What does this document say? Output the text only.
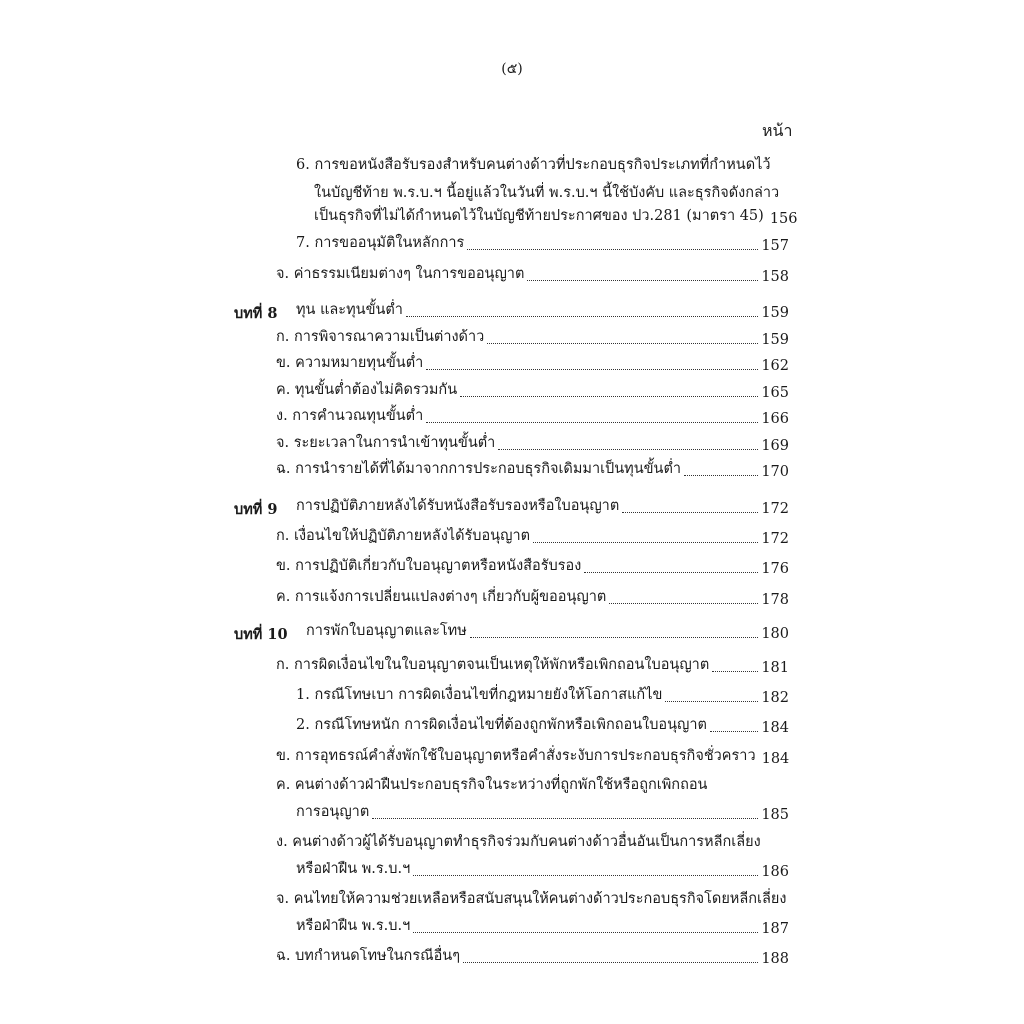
(๕)
หน้า
6. การขอหนังสือรับรองสำหรับคนต่างด้าวที่ประกอบธุรกิจประเภทที่กำหนดไว้
ในบัญชีท้าย พ.ร.บ.ฯ นี้อยู่แล้วในวันที่ พ.ร.บ.ฯ นี้ใช้บังคับ และธุรกิจดังกล่าว
เป็นธุรกิจที่ไม่ได้กำหนดไว้ในบัญชีท้ายประกาศของ ปว.281 (มาตรา 45) 156
7. การขออนุมัติในหลักการ	157
จ. ค่าธรรมเนียมต่างๆ ในการขออนุญาต	158
บทที่ 8 ทุน และทุนขั้นต่ำ	159
ก. การพิจารณาความเป็นต่างด้าว	159
ข. ความหมายทุนขั้นต่ำ	162
ค. ทุนขั้นต่ำต้องไม่คิดรวมกัน	165
ง. การคำนวณทุนขั้นต่ำ	166
จ. ระยะเวลาในการนำเข้าทุนขั้นต่ำ	169
ฉ. การนำรายได้ที่ได้มาจากการประกอบธุรกิจเดิมมาเป็นทุนขั้นต่ำ	170
บทที่ 9 การปฏิบัติภายหลังได้รับหนังสือรับรองหรือใบอนุญาต	172
ก. เงื่อนไขให้ปฏิบัติภายหลังได้รับอนุญาต	172
ข. การปฏิบัติเกี่ยวกับใบอนุญาตหรือหนังสือรับรอง	176
ค. การแจ้งการเปลี่ยนแปลงต่างๆ เกี่ยวกับผู้ขออนุญาต	178
บทที่ 10 การพักใบอนุญาตและโทษ	180
ก. การผิดเงื่อนไขในใบอนุญาตจนเป็นเหตุให้พักหรือเพิกถอนใบอนุญาต	181
1. กรณีโทษเบา การผิดเงื่อนไขที่กฎหมายยังให้โอกาสแก้ไข	182
2. กรณีโทษหนัก การผิดเงื่อนไขที่ต้องถูกพักหรือเพิกถอนใบอนุญาต	184
ข. การอุทธรณ์คำสั่งพักใช้ใบอนุญาตหรือคำสั่งระงับการประกอบธุรกิจชั่วคราว 184
ค. คนต่างด้าวฝ่าฝืนประกอบธุรกิจในระหว่างที่ถูกพักใช้หรือถูกเพิกถอน
การอนุญาต	185
ง. คนต่างด้าวผู้ได้รับอนุญาตทำธุรกิจร่วมกับคนต่างด้าวอื่นอันเป็นการหลีกเลี่ยง
หรือฝ่าฝืน พ.ร.บ.ฯ	186
จ. คนไทยให้ความช่วยเหลือหรือสนับสนุนให้คนต่างด้าวประกอบธุรกิจโดยหลีกเลี่ยง
หรือฝ่าฝืน พ.ร.บ.ฯ	187
ฉ. บทกำหนดโทษในกรณีอื่นๆ	188
